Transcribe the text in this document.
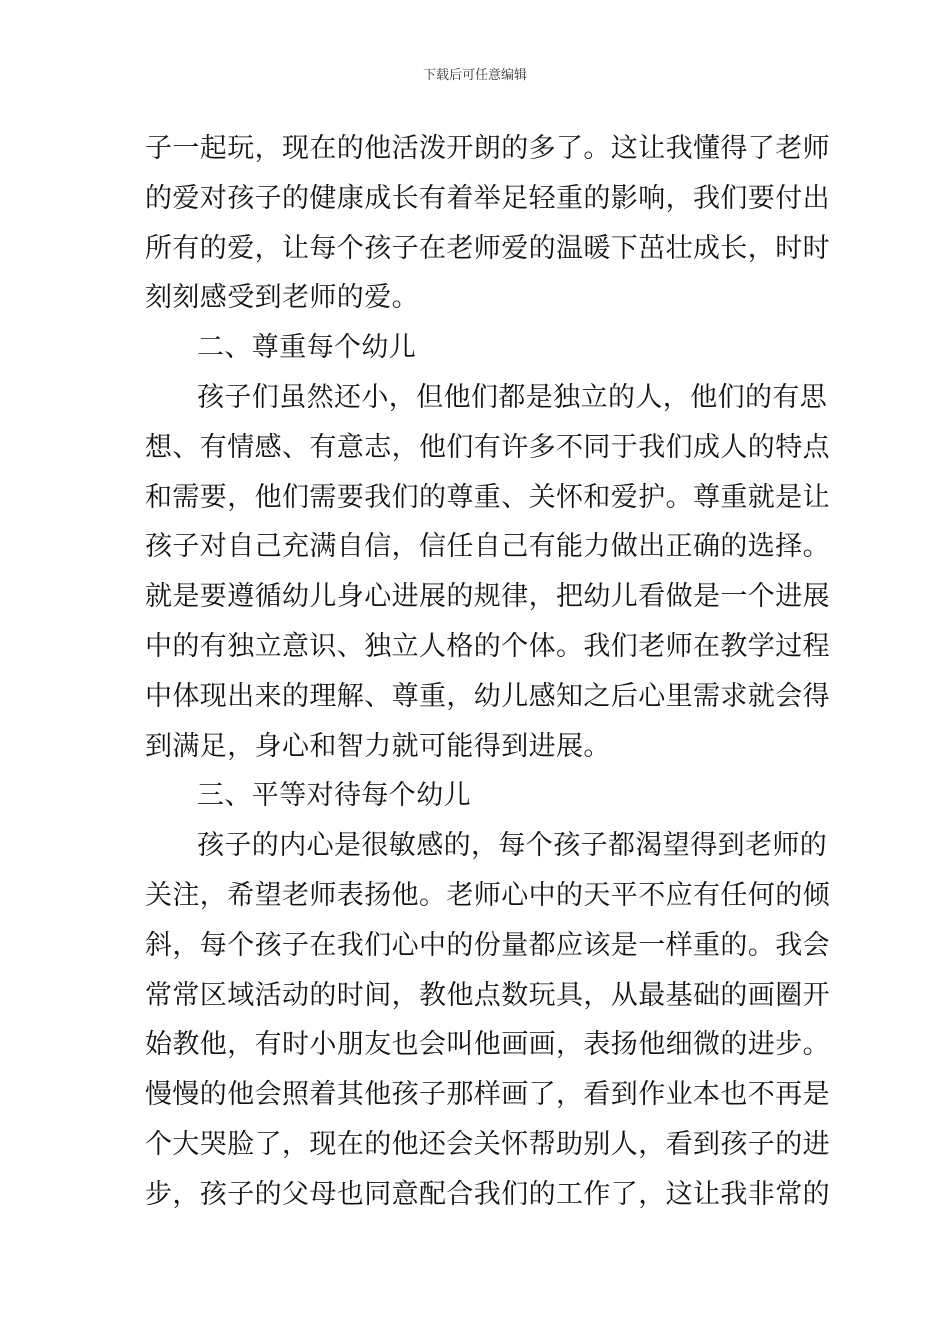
下载后可任意编辑
子一起玩，现在的他活泼开朗的多了。这让我懂得了老师
的爱对孩子的健康成长有着举足轻重的影响，我们要付出
所有的爱，让每个孩子在老师爱的温暖下茁壮成长，时时
刻刻感受到老师的爱。
二、尊重每个幼儿
孩子们虽然还小，但他们都是独立的人，他们的有思
想、有情感、有意志，他们有许多不同于我们成人的特点
和需要，他们需要我们的尊重、关怀和爱护。尊重就是让
孩子对自己充满自信，信任自己有能力做出正确的选择。
就是要遵循幼儿身心进展的规律，把幼儿看做是一个进展
中的有独立意识、独立人格的个体。我们老师在教学过程
中体现出来的理解、尊重，幼儿感知之后心里需求就会得
到满足，身心和智力就可能得到进展。
三、平等对待每个幼儿
孩子的内心是很敏感的，每个孩子都渴望得到老师的
关注，希望老师表扬他。老师心中的天平不应有任何的倾
斜，每个孩子在我们心中的份量都应该是一样重的。我会
常常区域活动的时间，教他点数玩具，从最基础的画圈开
始教他，有时小朋友也会叫他画画，表扬他细微的进步。
慢慢的他会照着其他孩子那样画了，看到作业本也不再是
个大哭脸了，现在的他还会关怀帮助别人，看到孩子的进
步，孩子的父母也同意配合我们的工作了，这让我非常的
